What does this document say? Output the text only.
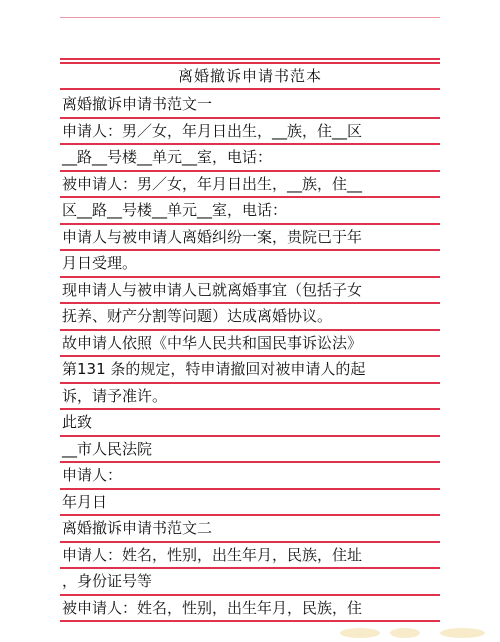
离婚撤诉申请书范本
离婚撤诉申请书范文一
申请人：男／女，年月日出生，__族，住__区
__路__号楼__单元__室，电话：
被申请人：男／女，年月日出生，__族，住__
区__路__号楼__单元__室，电话：
申请人与被申请人离婚纠纷一案，贵院已于年
月日受理。
现申请人与被申请人已就离婚事宜（包括子女
抚养、财产分割等问题）达成离婚协议。
故申请人依照《中华人民共和国民事诉讼法》
第131 条的规定，特申请撤回对被申请人的起
诉，请予准许。
此致
__市人民法院
申请人：
年月日
离婚撤诉申请书范文二
申请人：姓名，性别，出生年月，民族，住址
，身份证号等
被申请人：姓名，性别，出生年月，民族，住
